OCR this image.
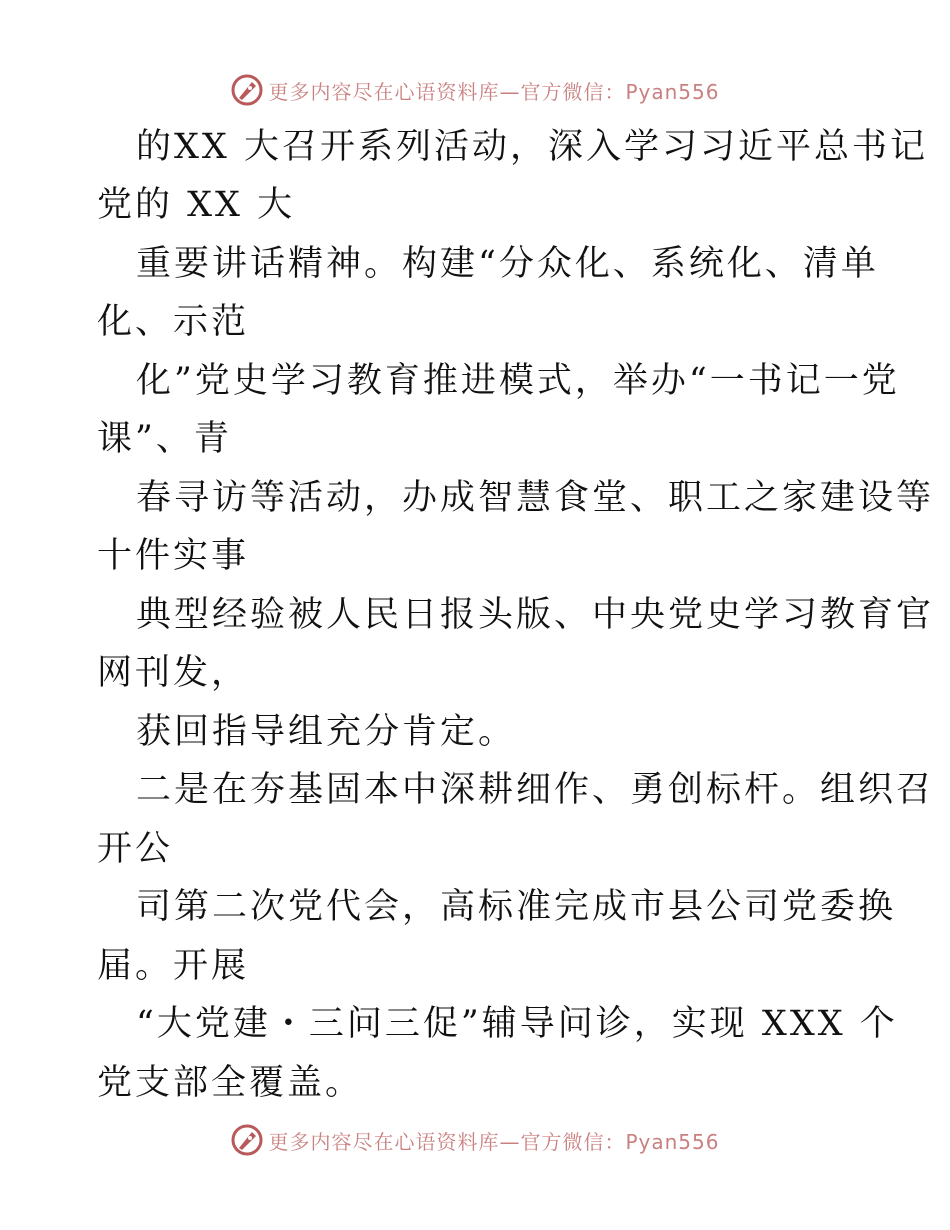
更多内容尽在心语资料库—官方微信：Pyan556
的XX 大召开系列活动，深入学习习近平总书记
党的 XX 大
重要讲话精神。构建“分众化、系统化、清单
化、示范
化”党史学习教育推进模式，举办“一书记一党
课”、青
春寻访等活动，办成智慧食堂、职工之家建设等
十件实事
典型经验被人民日报头版、中央党史学习教育官
网刊发，
获回指导组充分肯定。
二是在夯基固本中深耕细作、勇创标杆。组织召
开公
司第二次党代会，高标准完成市县公司党委换
届。开展
“大党建・三问三促”辅导问诊，实现 XXX 个
党支部全覆盖。
更多内容尽在心语资料库—官方微信：Pyan556
